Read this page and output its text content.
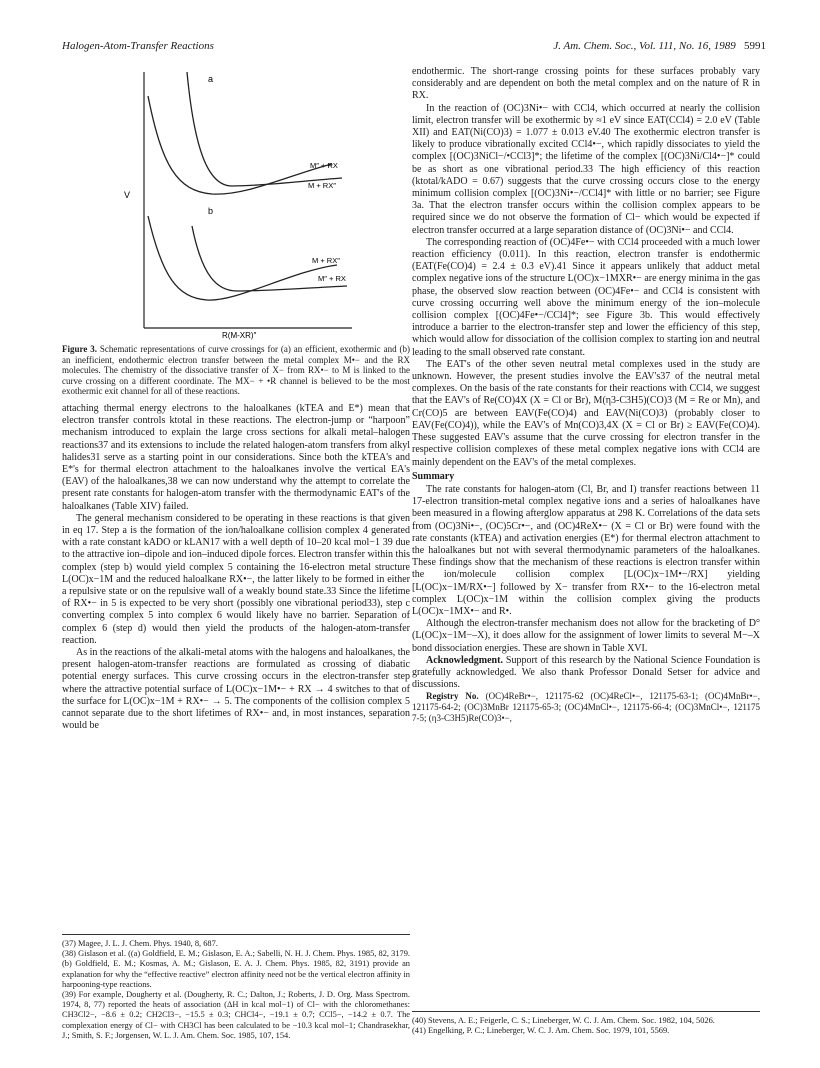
Halogen-Atom-Transfer Reactions	J. Am. Chem. Soc., Vol. 111, No. 16, 1989 5991
a
b
V
M″ + RX
M + RX″
M + RX″
M″ + RX
R(M-XR)″
Figure 3. Schematic representations of curve crossings for (a) an efficient, exothermic and (b) an inefficient, endothermic electron transfer between the metal complex M•− and the RX molecules. The chemistry of the dissociative transfer of X− from RX•− to M is linked to the curve crossing on a different coordinate. The MX− + •R channel is believed to be the most exothermic exit channel for all of these reactions.

attaching thermal energy electrons to the haloalkanes (kTEA and E*) mean that electron transfer controls ktotal in these reactions. The electron-jump or “harpoon” mechanism introduced to explain the large cross sections for alkali metal–halogen reactions37 and its extensions to include the related halogen-atom transfers from alkyl halides31 serve as a starting point in our considerations. Since both the kTEA's and E*'s for thermal electron attachment to the haloalkanes involve the vertical EA's (EAV) of the haloalkanes,38 we can now understand why the attempt to correlate the present rate constants for halogen-atom transfer with the thermodynamic EAT's of the haloalkanes (Table XIV) failed.

The general mechanism considered to be operating in these reactions is that given in eq 17. Step a is the formation of the ion/haloalkane collision complex 4 generated with a rate constant kADO or kLAN17 with a well depth of 10–20 kcal mol−1 39 due to the attractive ion–dipole and ion–induced dipole forces. Electron transfer within this complex (step b) would yield complex 5 containing the 16-electron metal structure L(OC)x−1M and the reduced haloalkane RX•−, the latter likely to be formed in either a repulsive state or on the repulsive wall of a weakly bound state.33 Since the lifetime of RX•− in 5 is expected to be very short (possibly one vibrational period33), step c converting complex 5 into complex 6 would likely have no barrier. Separation of complex 6 (step d) would then yield the products of the halogen-atom-transfer reaction.

As in the reactions of the alkali-metal atoms with the halogens and haloalkanes, the present halogen-atom-transfer reactions are formulated as crossing of diabatic potential energy surfaces. This curve crossing occurs in the electron-transfer step where the attractive potential surface of L(OC)x−1M•− + RX → 4 switches to that of the surface for L(OC)x−1M + RX•− → 5. The components of the collision complex 5 cannot separate due to the short lifetimes of RX•− and, in most instances, separation would be

endothermic. The short-range crossing points for these surfaces probably vary considerably and are dependent on both the metal complex and on the nature of R in RX.

In the reaction of (OC)3Ni•− with CCl4, which occurred at nearly the collision limit, electron transfer will be exothermic by ≈1 eV since EAT(CCl4) = 2.0 eV (Table XII) and EAT(Ni(CO)3) = 1.077 ± 0.013 eV.40 The exothermic electron transfer is likely to produce vibrationally excited CCl4•−, which rapidly dissociates to yield the complex [(OC)3NiCl−/•CCl3]*; the lifetime of the complex [(OC)3Ni/Cl4•−]* could be as short as one vibrational period.33 The high efficiency of this reaction (ktotal/kADO = 0.67) suggests that the curve crossing occurs close to the energy minimum collision complex [(OC)3Ni•−/CCl4]* with little or no barrier; see Figure 3a. That the electron transfer occurs within the collision complex appears to be required since we do not observe the formation of Cl− which would be expected if electron transfer occurred at a large separation distance of (OC)3Ni•− and CCl4.

The corresponding reaction of (OC)4Fe•− with CCl4 proceeded with a much lower reaction efficiency (0.011). In this reaction, electron transfer is endothermic (EAT(Fe(CO)4) = 2.4 ± 0.3 eV).41 Since it appears unlikely that adduct metal complex negative ions of the structure L(OC)x−1MXR•− are energy minima in the gas phase, the observed slow reaction between (OC)4Fe•− and CCl4 is consistent with curve crossing occurring well above the minimum energy of the ion–molecule collision complex [(OC)4Fe•−/CCl4]*; see Figure 3b. This would effectively introduce a barrier to the electron-transfer step and lower the efficiency of this step, which would allow for dissociation of the collision complex to starting ion and neutral leading to the small observed rate constant.

The EAT's of the other seven neutral metal complexes used in the study are unknown. However, the present studies involve the EAV's37 of the neutral metal complexes. On the basis of the rate constants for their reactions with CCl4, we suggest that the EAV's of Re(CO)4X (X = Cl or Br), M(η3-C3H5)(CO)3 (M = Re or Mn), and Cr(CO)5 are between EAV(Fe(CO)4) and EAV(Ni(CO)3) (probably closer to EAV(Fe(CO)4)), while the EAV's of Mn(CO)3,4X (X = Cl or Br) ≥ EAV(Fe(CO)4). These suggested EAV's assume that the curve crossing for electron transfer in the respective collision complexes of these metal complex negative ions with CCl4 are mainly dependent on the EAV's of the metal complexes.

Summary

The rate constants for halogen-atom (Cl, Br, and I) transfer reactions between 11 17-electron transition-metal complex negative ions and a series of haloalkanes have been measured in a flowing afterglow apparatus at 298 K. Correlations of the data sets from (OC)3Ni•−, (OC)5Cr•−, and (OC)4ReX•− (X = Cl or Br) were found with the rate constants (kTEA) and activation energies (E*) for thermal electron attachment to the haloalkanes but not with several thermodynamic parameters of the haloalkanes. These findings show that the mechanism of these reactions is electron transfer within the ion/molecule collision complex [L(OC)x−1M•−/RX] yielding [L(OC)x−1M/RX•−] followed by X− transfer from RX•− to the 16-electron metal complex L(OC)x−1M within the collision complex giving the products L(OC)x−1MX•− and R•.

Although the electron-transfer mechanism does not allow for the bracketing of D°(L(OC)x−1M−–X), it does allow for the assignment of lower limits to several M−–X bond dissociation energies. These are shown in Table XVI.

Acknowledgment. Support of this research by the National Science Foundation is gratefully acknowledged. We also thank Professor Donald Setser for advice and discussions.

Registry No. (OC)4ReBr•−, 121175-62 (OC)4ReCl•−, 121175-63-1; (OC)4MnBr•−, 121175-64-2; (OC)3MnBr 121175-65-3; (OC)4MnCl•−, 121175-66-4; (OC)3MnCl•−, 121175 7-5; (η3-C3H5)Re(CO)3•−,

(37) Magee, J. L. J. Chem. Phys. 1940, 8, 687.

(38) Gislason et al. ((a) Goldfield, E. M.; Gislason, E. A.; Sabelli, N. H. J. Chem. Phys. 1985, 82, 3179. (b) Goldfield, E. M.; Kosmas, A. M.; Gislason, E. A. J. Chem. Phys. 1985, 82, 3191) provide an explanation for why the “effective reactive” electron affinity need not be the vertical electron affinity in harpooning-type reactions.

(39) For example, Dougherty et al. (Dougherty, R. C.; Dalton, J.; Roberts, J. D. Org. Mass Spectrom. 1974, 8, 77) reported the heats of association (ΔH in kcal mol−1) of Cl− with the chloromethanes: CH3Cl2−, −8.6 ± 0.2; CH2Cl3−, −15.5 ± 0.3; CHCl4−, −19.1 ± 0.7; CCl5−, −14.2 ± 0.7. The complexation energy of Cl− with CH3Cl has been calculated to be −10.3 kcal mol−1; Chandrasekhar, J.; Smith, S. F.; Jorgensen, W. L. J. Am. Chem. Soc. 1985, 107, 154.

(40) Stevens, A. E.; Feigerle, C. S.; Lineberger, W. C. J. Am. Chem. Soc. 1982, 104, 5026.

(41) Engelking, P. C.; Lineberger, W. C. J. Am. Chem. Soc. 1979, 101, 5569.
